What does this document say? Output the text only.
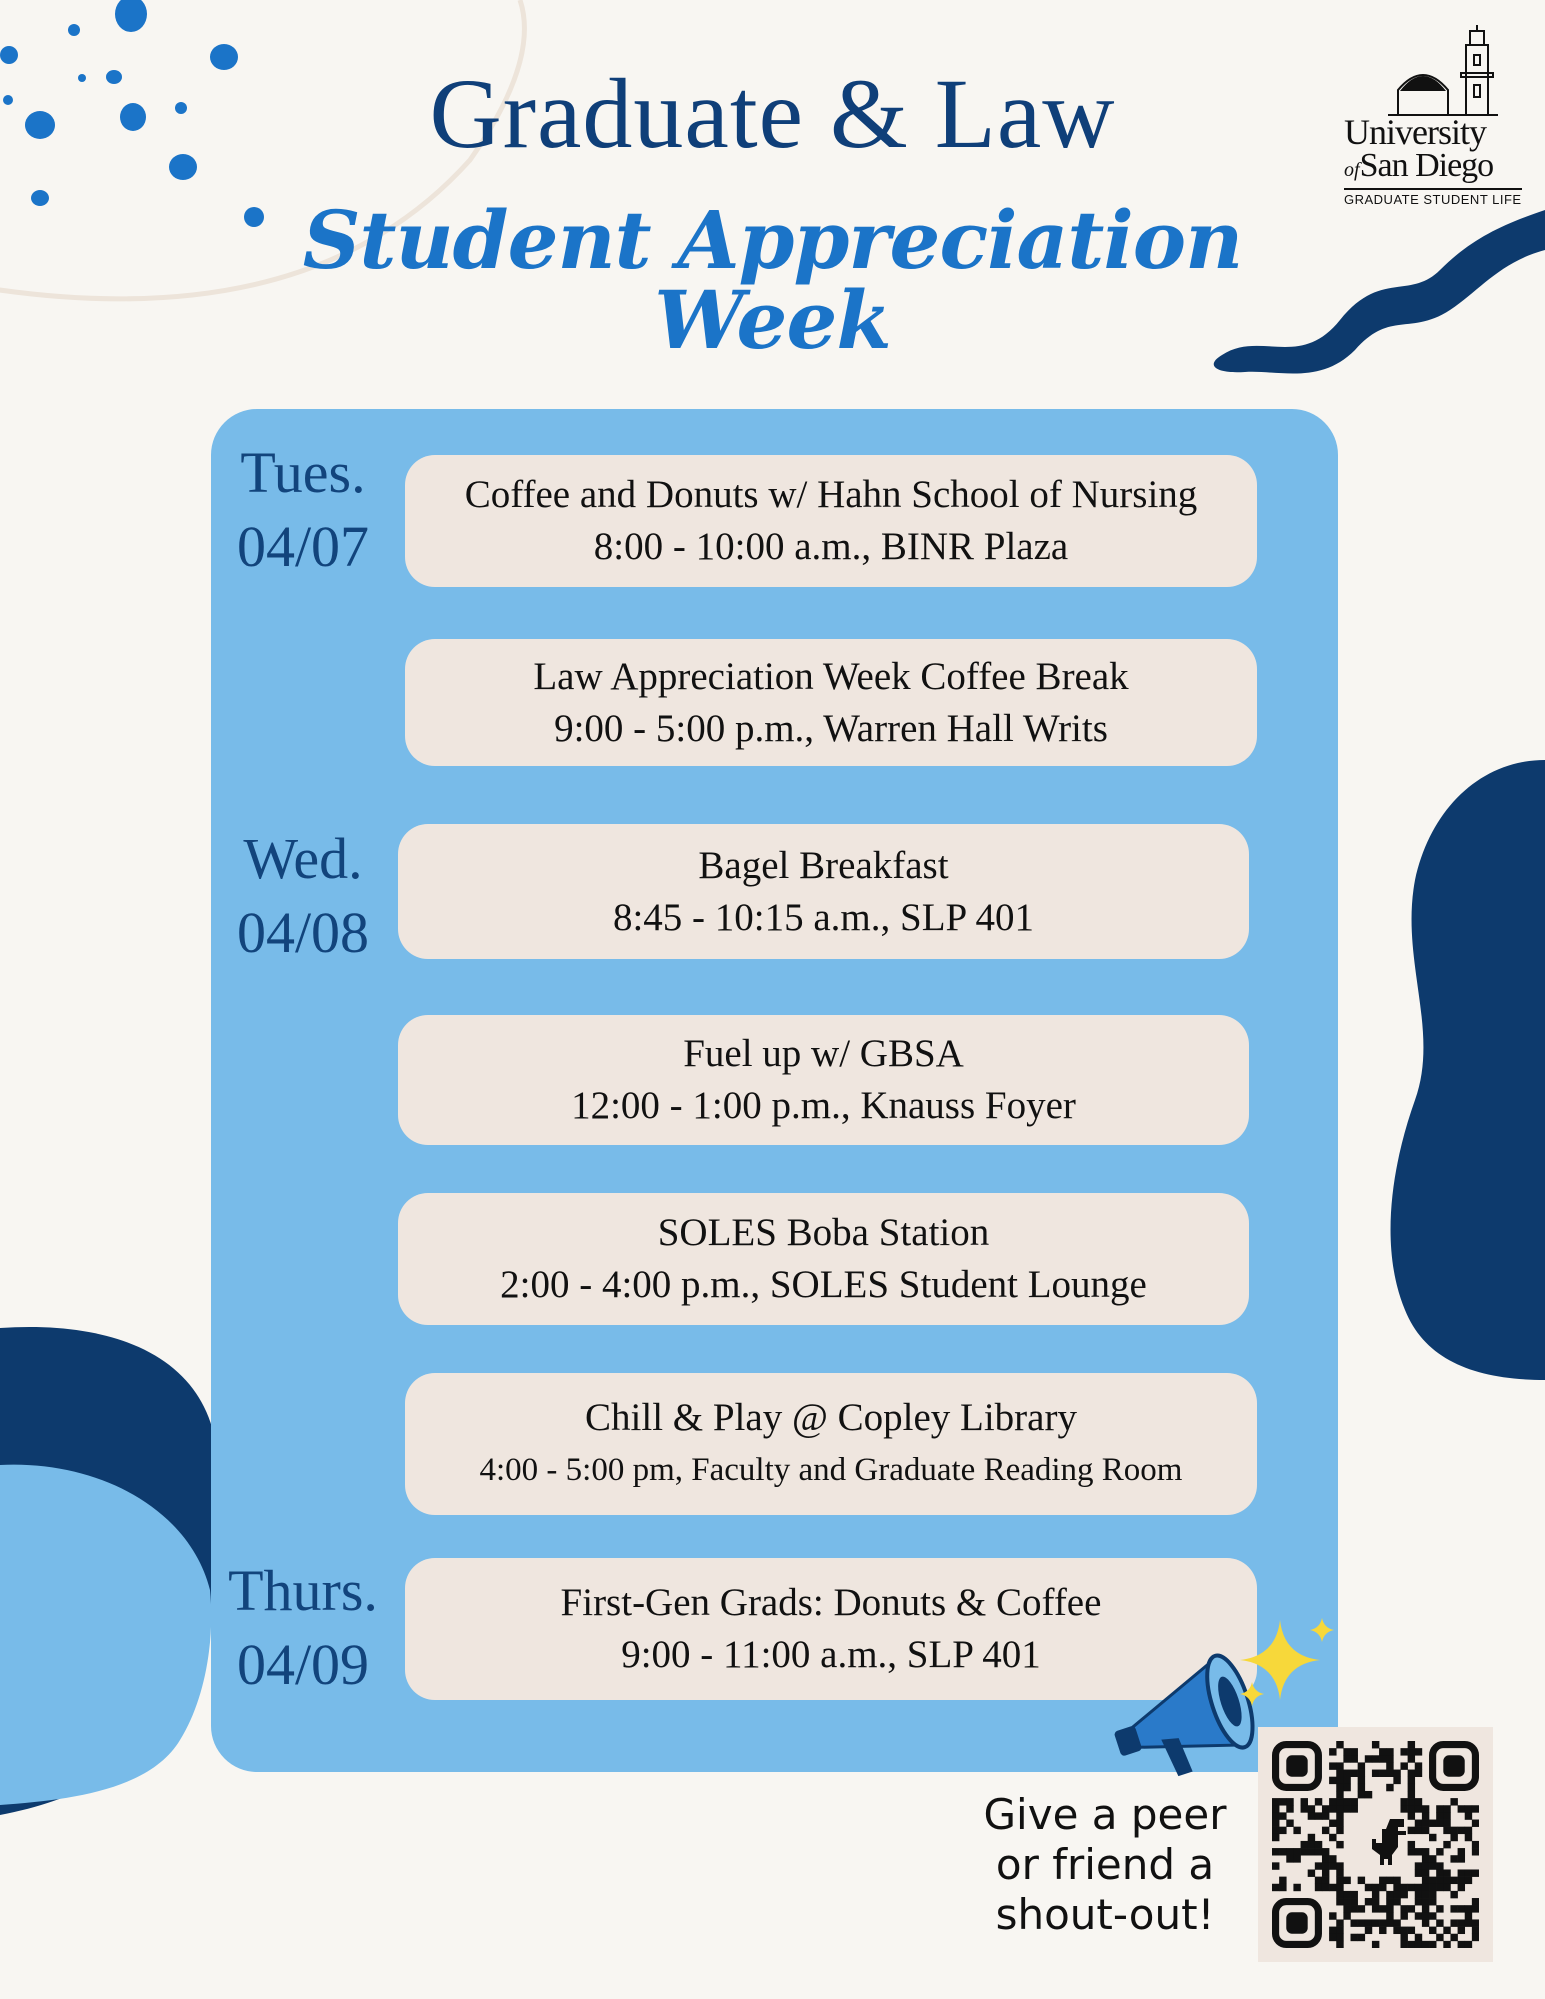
Graduate & Law
Student Appreciation Week
University
ofSan Diego
GRADUATE STUDENT LIFE
Tues.
04/07
Wed.
04/08
Thurs.
04/09
Coffee and Donuts w/ Hahn School of Nursing
8:00 - 10:00 a.m., BINR Plaza
Law Appreciation Week Coffee Break
9:00 - 5:00 p.m., Warren Hall Writs
Bagel Breakfast
8:45 - 10:15 a.m., SLP 401
Fuel up w/ GBSA
12:00 - 1:00 p.m., Knauss Foyer
SOLES Boba Station
2:00 - 4:00 p.m., SOLES Student Lounge
Chill & Play @ Copley Library
4:00 - 5:00 pm, Faculty and Graduate Reading Room
First-Gen Grads: Donuts & Coffee
9:00 - 11:00 a.m., SLP 401
Give a peer
or friend a
shout-out!
